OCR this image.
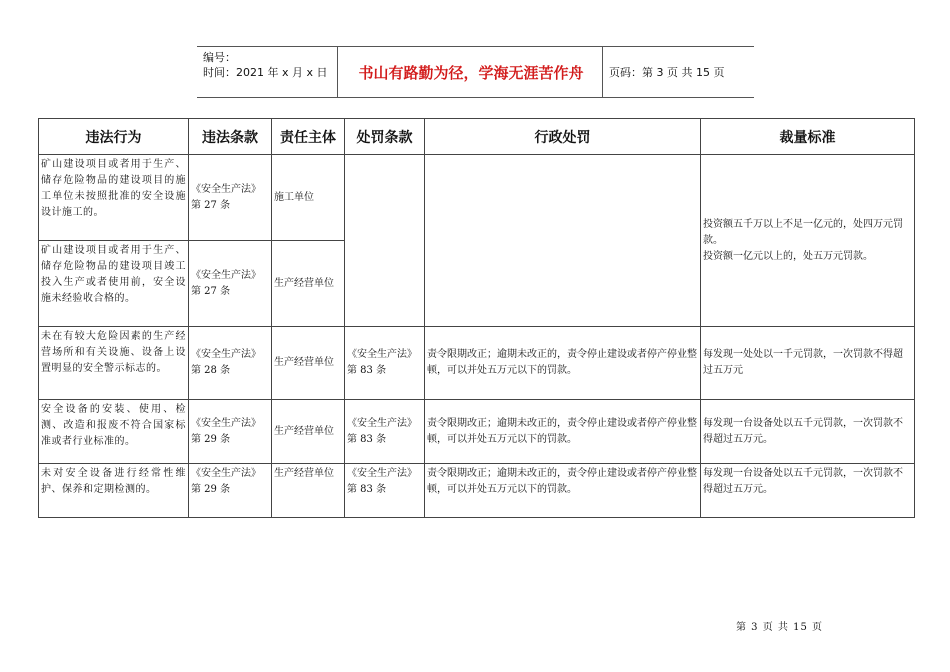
编号：
时间：2021 年 x 月 x 日	书山有路勤为径，学海无涯苦作舟	页码：第 3 页 共 15 页
违法行为	违法条款	责任主体	处罚条款	行政处罚	裁量标准
矿山建设项目或者用于生产、储存危险物品的建设项目的施工单位未按照批准的安全设施设计施工的。	《安全生产法》第 27 条	施工单位			投资额五千万以上不足一亿元的，处四万元罚款。
投资额一亿元以上的，处五万元罚款。

矿山建设项目或者用于生产、储存危险物品的建设项目竣工投入生产或者使用前，安全设施未经验收合格的。	《安全生产法》第 27 条	生产经营单位			
未在有较大危险因素的生产经营场所和有关设施、设备上设置明显的安全警示标志的。	《安全生产法》第 28 条	生产经营单位	《安全生产法》第 83 条	责令限期改正；逾期未改正的，责令停止建设或者停产停业整顿，可以并处五万元以下的罚款。	每发现一处处以一千元罚款，一次罚款不得超过五万元
安全设备的安装、使用、检测、改造和报废不符合国家标准或者行业标准的。	《安全生产法》第 29 条	生产经营单位	《安全生产法》第 83 条	责令限期改正；逾期未改正的，责令停止建设或者停产停业整顿，可以并处五万元以下的罚款。	每发现一台设备处以五千元罚款，一次罚款不得超过五万元。
未对安全设备进行经常性维护、保养和定期检测的。	《安全生产法》第 29 条	生产经营单位	《安全生产法》第 83 条	责令限期改正；逾期未改正的，责令停止建设或者停产停业整顿，可以并处五万元以下的罚款。	每发现一台设备处以五千元罚款，一次罚款不得超过五万元。
第 3 页 共 15 页
